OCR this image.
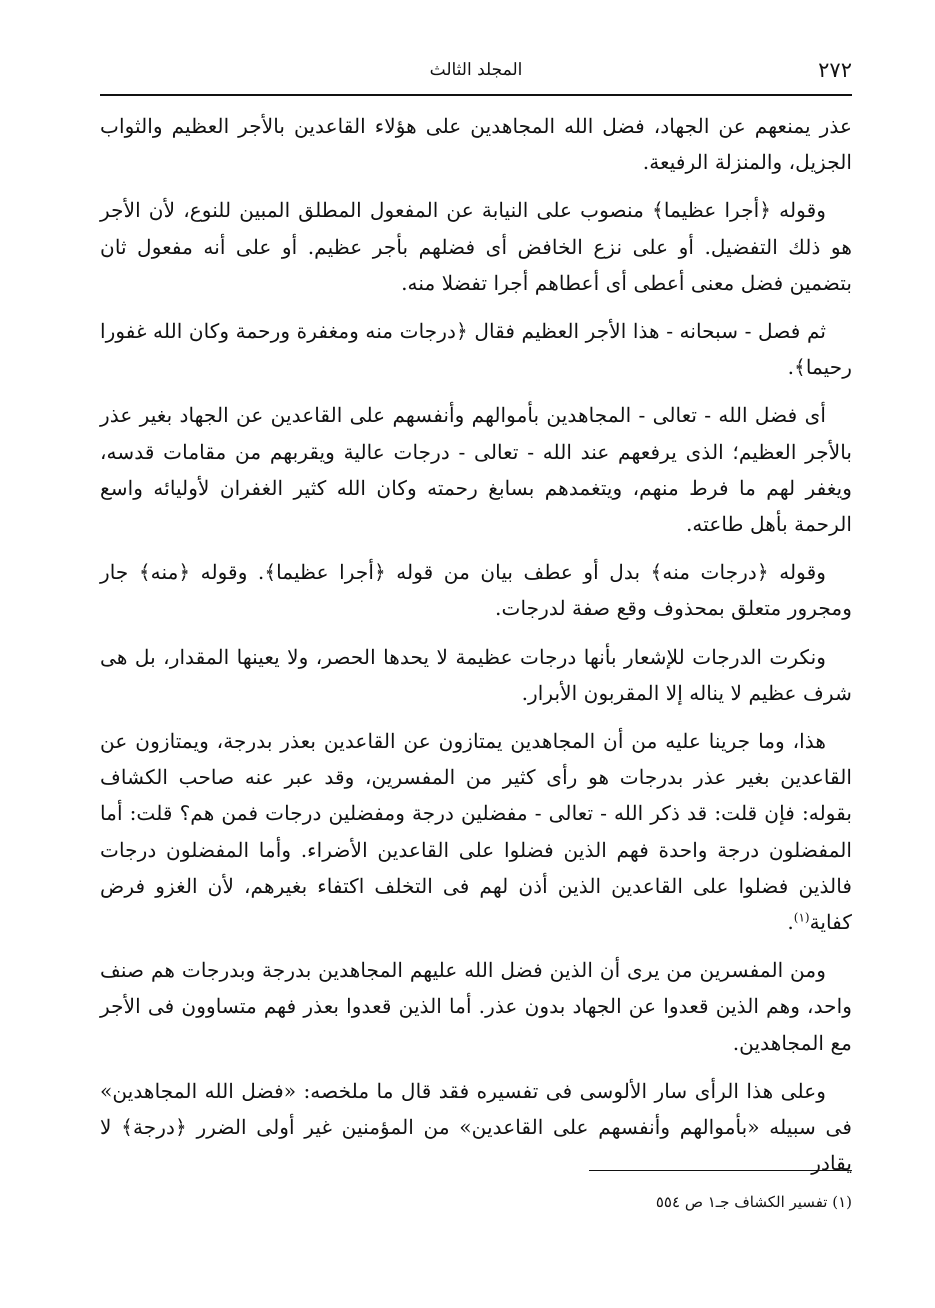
٢٧٢
المجلد الثالث

عذر يمنعهم عن الجهاد، فضل الله المجاهدين على هؤلاء القاعدين بالأجر العظيم والثواب الجزيل، والمنزلة الرفيعة.

وقوله ﴿أجرا عظيما﴾ منصوب على النيابة عن المفعول المطلق المبين للنوع، لأن الأجر هو ذلك التفضيل. أو على نزع الخافض أى فضلهم بأجر عظيم. أو على أنه مفعول ثان بتضمين فضل معنى أعطى أى أعطاهم أجرا تفضلا منه.

ثم فصل - سبحانه - هذا الأجر العظيم فقال ﴿درجات منه ومغفرة ورحمة وكان الله غفورا رحيما﴾.

أى فضل الله - تعالى - المجاهدين بأموالهم وأنفسهم على القاعدين عن الجهاد بغير عذر بالأجر العظيم؛ الذى يرفعهم عند الله - تعالى - درجات عالية ويقربهم من مقامات قدسه، ويغفر لهم ما فرط منهم، ويتغمدهم بسابغ رحمته وكان الله كثير الغفران لأوليائه واسع الرحمة بأهل طاعته.

وقوله ﴿درجات منه﴾ بدل أو عطف بيان من قوله ﴿أجرا عظيما﴾. وقوله ﴿منه﴾ جار ومجرور متعلق بمحذوف وقع صفة لدرجات.

ونكرت الدرجات للإشعار بأنها درجات عظيمة لا يحدها الحصر، ولا يعينها المقدار، بل هى شرف عظيم لا يناله إلا المقربون الأبرار.

هذا، وما جرينا عليه من أن المجاهدين يمتازون عن القاعدين بعذر بدرجة، ويمتازون عن القاعدين بغير عذر بدرجات هو رأى كثير من المفسرين، وقد عبر عنه صاحب الكشاف بقوله: فإن قلت: قد ذكر الله - تعالى - مفضلين درجة ومفضلين درجات فمن هم؟ قلت: أما المفضلون درجة واحدة فهم الذين فضلوا على القاعدين الأضراء. وأما المفضلون درجات فالذين فضلوا على القاعدين الذين أذن لهم فى التخلف اكتفاء بغيرهم، لأن الغزو فرض كفاية$^{(١)}$.

ومن المفسرين من يرى أن الذين فضل الله عليهم المجاهدين بدرجة وبدرجات هم صنف واحد، وهم الذين قعدوا عن الجهاد بدون عذر. أما الذين قعدوا بعذر فهم متساوون فى الأجر مع المجاهدين.

وعلى هذا الرأى سار الألوسى فى تفسيره فقد قال ما ملخصه: «فضل الله المجاهدين» فى سبيله «بأموالهم وأنفسهم على القاعدين» من المؤمنين غير أولى الضرر ﴿درجة﴾ لا يقادر

(١) تفسير الكشاف جـ١ ص ٥٥٤
